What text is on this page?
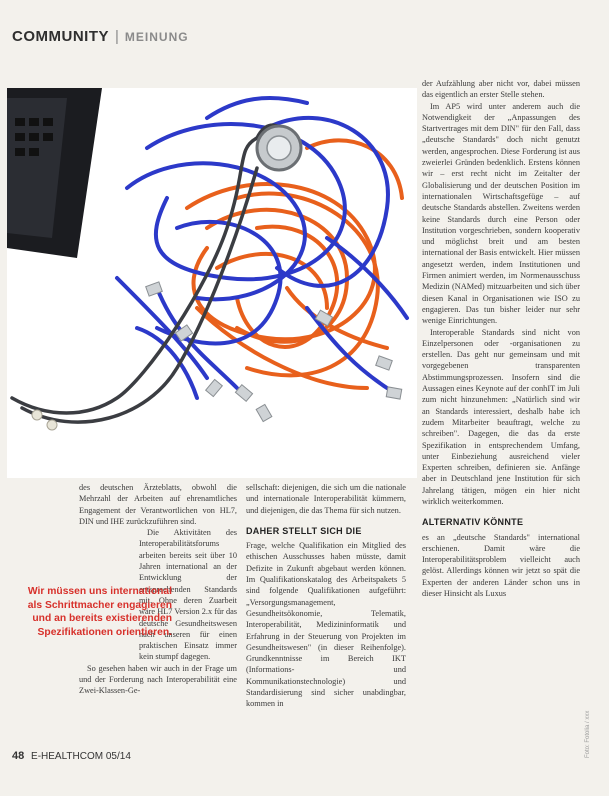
COMMUNITY | MEINUNG

des deutschen Ärzteblatts, obwohl die Mehrzahl der Arbeiten auf ehrenamtliches Engagement der Verantwortlichen von HL7, DIN und IHE zurückzuführen sind.

Die Aktivitäten des Interoperabilitätsforums arbeiten bereits seit über 10 Jahren international an der Entwicklung der entsprechenden Standards mit. Ohne deren Zuarbeit wäre HL7 Version 2.x für das deutsche Gesundheitswesen nach unseren für einen praktischen Einsatz immer kein stumpf dagegen.

So gesehen haben wir auch in der Frage um und der Forderung nach Interoperabilität eine Zwei-Klassen-Ge-

Wir müssen uns international als Schrittmacher engagieren und an bereits existierenden Spezifikationen orientieren.

sellschaft: diejenigen, die sich um die nationale und internationale Interoperabilität kümmern, und diejenigen, die das Thema für sich nutzen.

DAHER STELLT SICH DIE

Frage, welche Qualifikation ein Mitglied des ethischen Ausschusses haben müsste, damit Defizite in Zukunft abgebaut werden können. Im Qualifikationskatalog des Arbeitspakets 5 sind folgende Qualifikationen aufgeführt: „Versorgungsmanagement, Gesundheitsökonomie, Telematik, Interoperabilität, Medizininformatik und Erfahrung in der Steuerung von Projekten im Gesundheitswesen" (in dieser Reihenfolge). Grundkenntnisse im Bereich IKT (Informations- und Kommunikationstechnologie) und Standardisierung sind sicher unabdingbar, kommen in

der Aufzählung aber nicht vor, dabei müssen das eigentlich an erster Stelle stehen.

Im AP5 wird unter anderem auch die Notwendigkeit der „Anpassungen des Startvertrages mit dem DIN" für den Fall, dass „deutsche Standards" doch nicht genutzt werden, angesprochen. Diese Forderung ist aus zweierlei Gründen bedenklich. Erstens können wir – erst recht nicht im Zeitalter der Globalisierung und der deutschen Position im internationalen Wirtschaftsgefüge – auf deutsche Standards abstellen. Zweitens werden keine Standards durch eine Person oder Institution vorgeschrieben, sondern kooperativ und möglichst breit und am besten international der Basis entwickelt. Hier müssen angesetzt werden, indem Institutionen und Firmen animiert werden, im Normenausschuss Medizin (NAMed) mitzuarbeiten und sich über diesen Kanal in Organisationen wie ISO zu engagieren. Das tun bisher leider nur sehr wenige Einrichtungen.

Interoperable Standards sind nicht von Einzelpersonen oder -organisationen zu erstellen. Das geht nur gemeinsam und mit vorgegebenen transparenten Abstimmungsprozessen. Insofern sind die Aussagen eines Keynote auf der conhIT im Juli zum nicht hinzunehmen: „Natürlich sind wir an Standards interessiert, deshalb habe ich zudem Mitarbeiter beauftragt, welche zu schreiben". Dagegen, die das da erste Spezifikation in entsprechendem Umfang, unter Einbeziehung ausreichend vieler Experten schreiben, definieren sie. Anfänge aber in Deutschland jene Institution für sich Jahrelang tätigen, mögen ein hier nicht wirklich weiterkommen.

ALTERNATIV KÖNNTE

es an „deutsche Standards" international erschienen. Damit wäre die Interoperabilitätsproblem vielleicht auch gelöst. Allerdings können wir jetzt so spät die Experten der anderen Länder schon uns in dieser Hinsicht als Luxus

48 E-HEALTHCOM 05/14	Foto: Fotolia / xxx
